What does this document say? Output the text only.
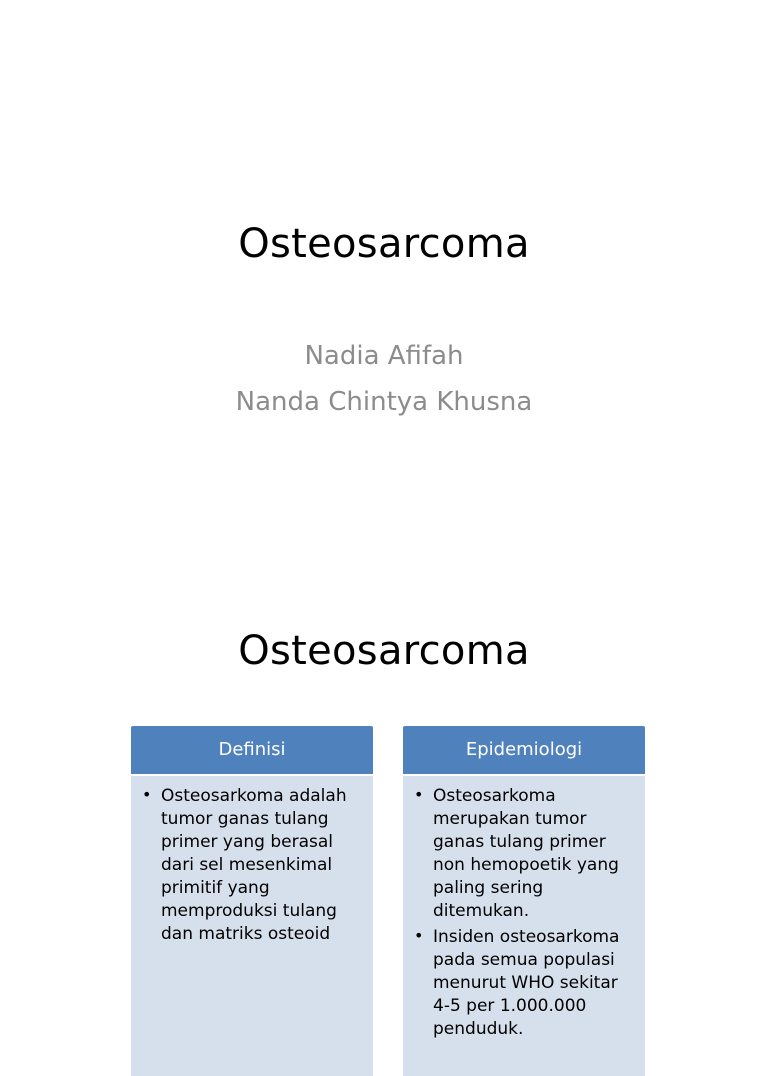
Osteosarcoma
Nadia Afifah
Nanda Chintya Khusna
Osteosarcoma
Definisi
• Osteosarkoma adalah tumor ganas tulang primer yang berasal dari sel mesenkimal primitif yang memproduksi tulang dan matriks osteoid
Epidemiologi
• Osteosarkoma merupakan tumor ganas tulang primer non hemopoetik yang paling sering ditemukan.
• Insiden osteosarkoma pada semua populasi menurut WHO sekitar 4-5 per 1.000.000 penduduk.
